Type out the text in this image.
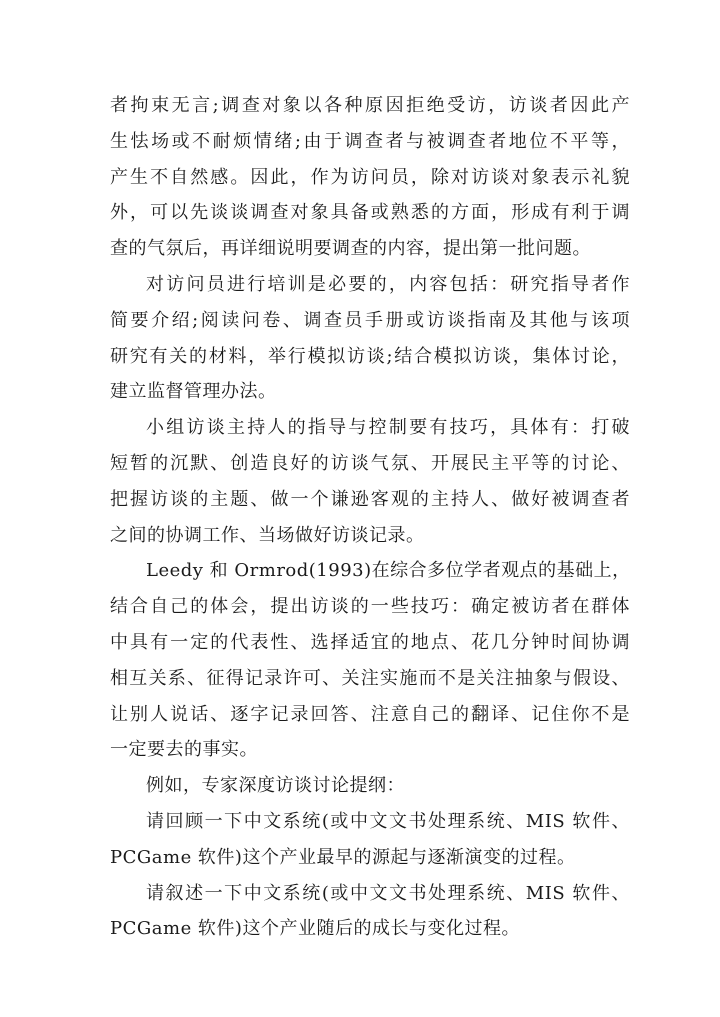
者拘束无言;调查对象以各种原因拒绝受访，访谈者因此产
生怯场或不耐烦情绪;由于调查者与被调查者地位不平等，
产生不自然感。因此，作为访问员，除对访谈对象表示礼貌
外，可以先谈谈调查对象具备或熟悉的方面，形成有利于调
查的气氛后，再详细说明要调查的内容，提出第一批问题。
对访问员进行培训是必要的，内容包括：研究指导者作
简要介绍;阅读问卷、调查员手册或访谈指南及其他与该项
研究有关的材料，举行模拟访谈;结合模拟访谈，集体讨论，
建立监督管理办法。
小组访谈主持人的指导与控制要有技巧，具体有：打破
短暂的沉默、创造良好的访谈气氛、开展民主平等的讨论、
把握访谈的主题、做一个谦逊客观的主持人、做好被调查者
之间的协调工作、当场做好访谈记录。
Leedy 和 Ormrod(1993)在综合多位学者观点的基础上，
结合自己的体会，提出访谈的一些技巧：确定被访者在群体
中具有一定的代表性、选择适宜的地点、花几分钟时间协调
相互关系、征得记录许可、关注实施而不是关注抽象与假设、
让别人说话、逐字记录回答、注意自己的翻译、记住你不是
一定要去的事实。
例如，专家深度访谈讨论提纲：
请回顾一下中文系统(或中文文书处理系统、MIS 软件、
PCGame 软件)这个产业最早的源起与逐渐演变的过程。
请叙述一下中文系统(或中文文书处理系统、MIS 软件、
PCGame 软件)这个产业随后的成长与变化过程。
